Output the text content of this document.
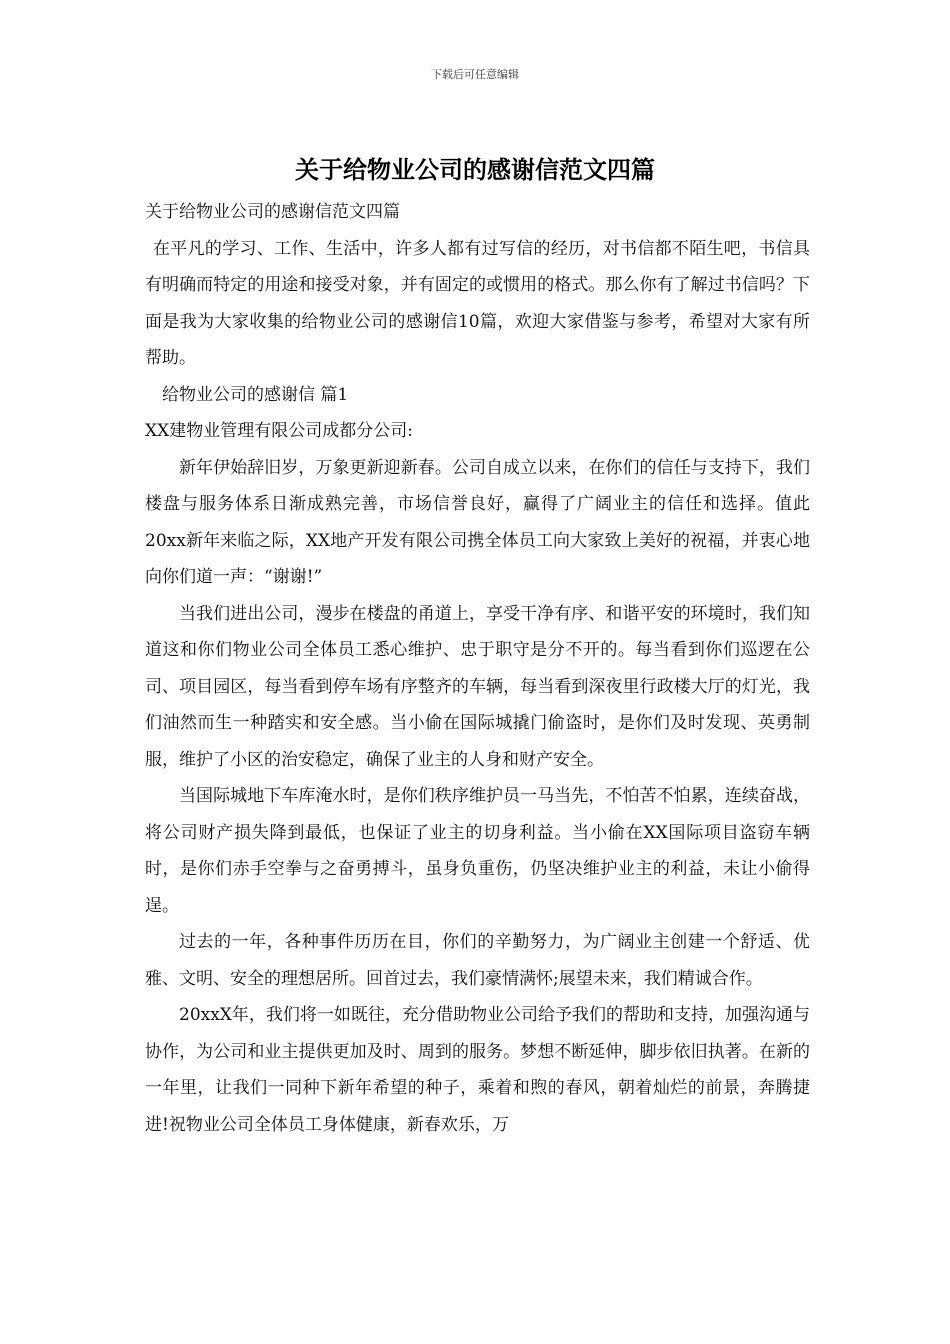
下载后可任意编辑
关于给物业公司的感谢信范文四篇

关于给物业公司的感谢信范文四篇

在平凡的学习、工作、生活中，许多人都有过写信的经历，对书信都不陌生吧，书信具有明确而特定的用途和接受对象，并有固定的或惯用的格式。那么你有了解过书信吗？下面是我为大家收集的给物业公司的感谢信10篇，欢迎大家借鉴与参考，希望对大家有所帮助。

给物业公司的感谢信 篇1

XX建物业管理有限公司成都分公司:

新年伊始辞旧岁，万象更新迎新春。公司自成立以来，在你们的信任与支持下，我们楼盘与服务体系日渐成熟完善，市场信誉良好，赢得了广阔业主的信任和选择。值此20xx新年来临之际，XX地产开发有限公司携全体员工向大家致上美好的祝福，并衷心地向你们道一声：“谢谢!”

当我们进出公司，漫步在楼盘的甬道上，享受干净有序、和谐平安的环境时，我们知道这和你们物业公司全体员工悉心维护、忠于职守是分不开的。每当看到你们巡逻在公司、项目园区，每当看到停车场有序整齐的车辆，每当看到深夜里行政楼大厅的灯光，我们油然而生一种踏实和安全感。当小偷在国际城撬门偷盗时，是你们及时发现、英勇制服，维护了小区的治安稳定，确保了业主的人身和财产安全。

当国际城地下车库淹水时，是你们秩序维护员一马当先，不怕苦不怕累，连续奋战，将公司财产损失降到最低，也保证了业主的切身利益。当小偷在XX国际项目盗窃车辆时，是你们赤手空拳与之奋勇搏斗，虽身负重伤，仍坚决维护业主的利益，未让小偷得逞。

过去的一年，各种事件历历在目，你们的辛勤努力，为广阔业主创建一个舒适、优雅、文明、安全的理想居所。回首过去，我们豪情满怀;展望未来，我们精诚合作。

20xxX年，我们将一如既往，充分借助物业公司给予我们的帮助和支持，加强沟通与协作，为公司和业主提供更加及时、周到的服务。梦想不断延伸，脚步依旧执著。在新的一年里，让我们一同种下新年希望的种子，乘着和煦的春风，朝着灿烂的前景，奔腾捷进!祝物业公司全体员工身体健康，新春欢乐，万
